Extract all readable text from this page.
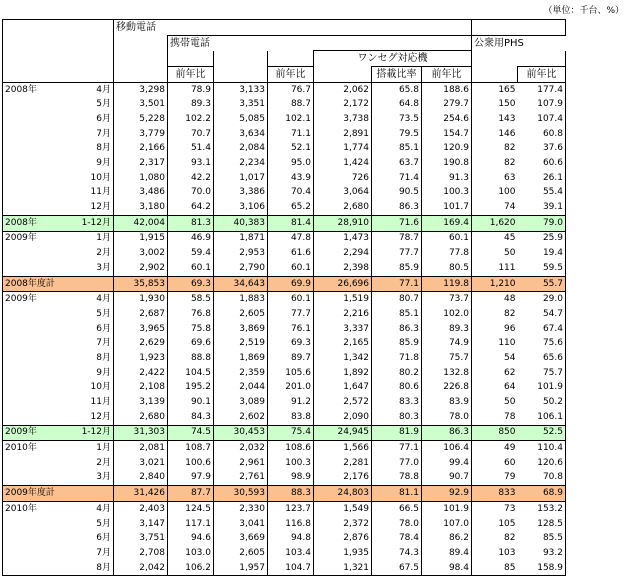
（単位：千台、%）
		移動電話								
			携帯電話						公衆用PHS	
						ワンセグ対応機				
			前年比		前年比		搭載比率	前年比		前年比
2008年	4月	3,298	78.9	3,133	76.7	2,062	65.8	188.6	165	177.4
	5月	3,501	89.3	3,351	88.7	2,172	64.8	279.7	150	107.9
	6月	5,228	102.2	5,085	102.1	3,738	73.5	254.6	143	107.4
	7月	3,779	70.7	3,634	71.1	2,891	79.5	154.7	146	60.8
	8月	2,166	51.4	2,084	52.1	1,774	85.1	120.9	82	37.6
	9月	2,317	93.1	2,234	95.0	1,424	63.7	190.8	82	60.6
	10月	1,080	42.2	1,017	43.9	726	71.4	91.3	63	26.1
	11月	3,486	70.0	3,386	70.4	3,064	90.5	100.3	100	55.4
	12月	3,180	64.2	3,106	65.2	2,680	86.3	101.7	74	39.1
2008年	1-12月	42,004	81.3	40,383	81.4	28,910	71.6	169.4	1,620	79.0
2009年	1月	1,915	46.9	1,871	47.8	1,473	78.7	60.1	45	25.9
	2月	3,002	59.4	2,953	61.6	2,294	77.7	77.8	50	19.4
	3月	2,902	60.1	2,790	60.1	2,398	85.9	80.5	111	59.5
2008年度計		35,853	69.3	34,643	69.9	26,696	77.1	119.8	1,210	55.7
2009年	4月	1,930	58.5	1,883	60.1	1,519	80.7	73.7	48	29.0
	5月	2,687	76.8	2,605	77.7	2,216	85.1	102.0	82	54.7
	6月	3,965	75.8	3,869	76.1	3,337	86.3	89.3	96	67.4
	7月	2,629	69.6	2,519	69.3	2,165	85.9	74.9	110	75.6
	8月	1,923	88.8	1,869	89.7	1,342	71.8	75.7	54	65.6
	9月	2,422	104.5	2,359	105.6	1,892	80.2	132.8	62	75.7
	10月	2,108	195.2	2,044	201.0	1,647	80.6	226.8	64	101.9
	11月	3,139	90.1	3,089	91.2	2,572	83.3	83.9	50	50.2
	12月	2,680	84.3	2,602	83.8	2,090	80.3	78.0	78	106.1
2009年	1-12月	31,303	74.5	30,453	75.4	24,945	81.9	86.3	850	52.5
2010年	1月	2,081	108.7	2,032	108.6	1,566	77.1	106.4	49	110.4
	2月	3,021	100.6	2,961	100.3	2,281	77.0	99.4	60	120.6
	3月	2,840	97.9	2,761	98.9	2,176	78.8	90.7	79	70.8
2009年度計		31,426	87.7	30,593	88.3	24,803	81.1	92.9	833	68.9
2010年	4月	2,403	124.5	2,330	123.7	1,549	66.5	101.9	73	153.2
	5月	3,147	117.1	3,041	116.8	2,372	78.0	107.0	105	128.5
	6月	3,751	94.6	3,669	94.8	2,876	78.4	86.2	82	85.5
	7月	2,708	103.0	2,605	103.4	1,935	74.3	89.4	103	93.2
	8月	2,042	106.2	1,957	104.7	1,321	67.5	98.4	85	158.9
